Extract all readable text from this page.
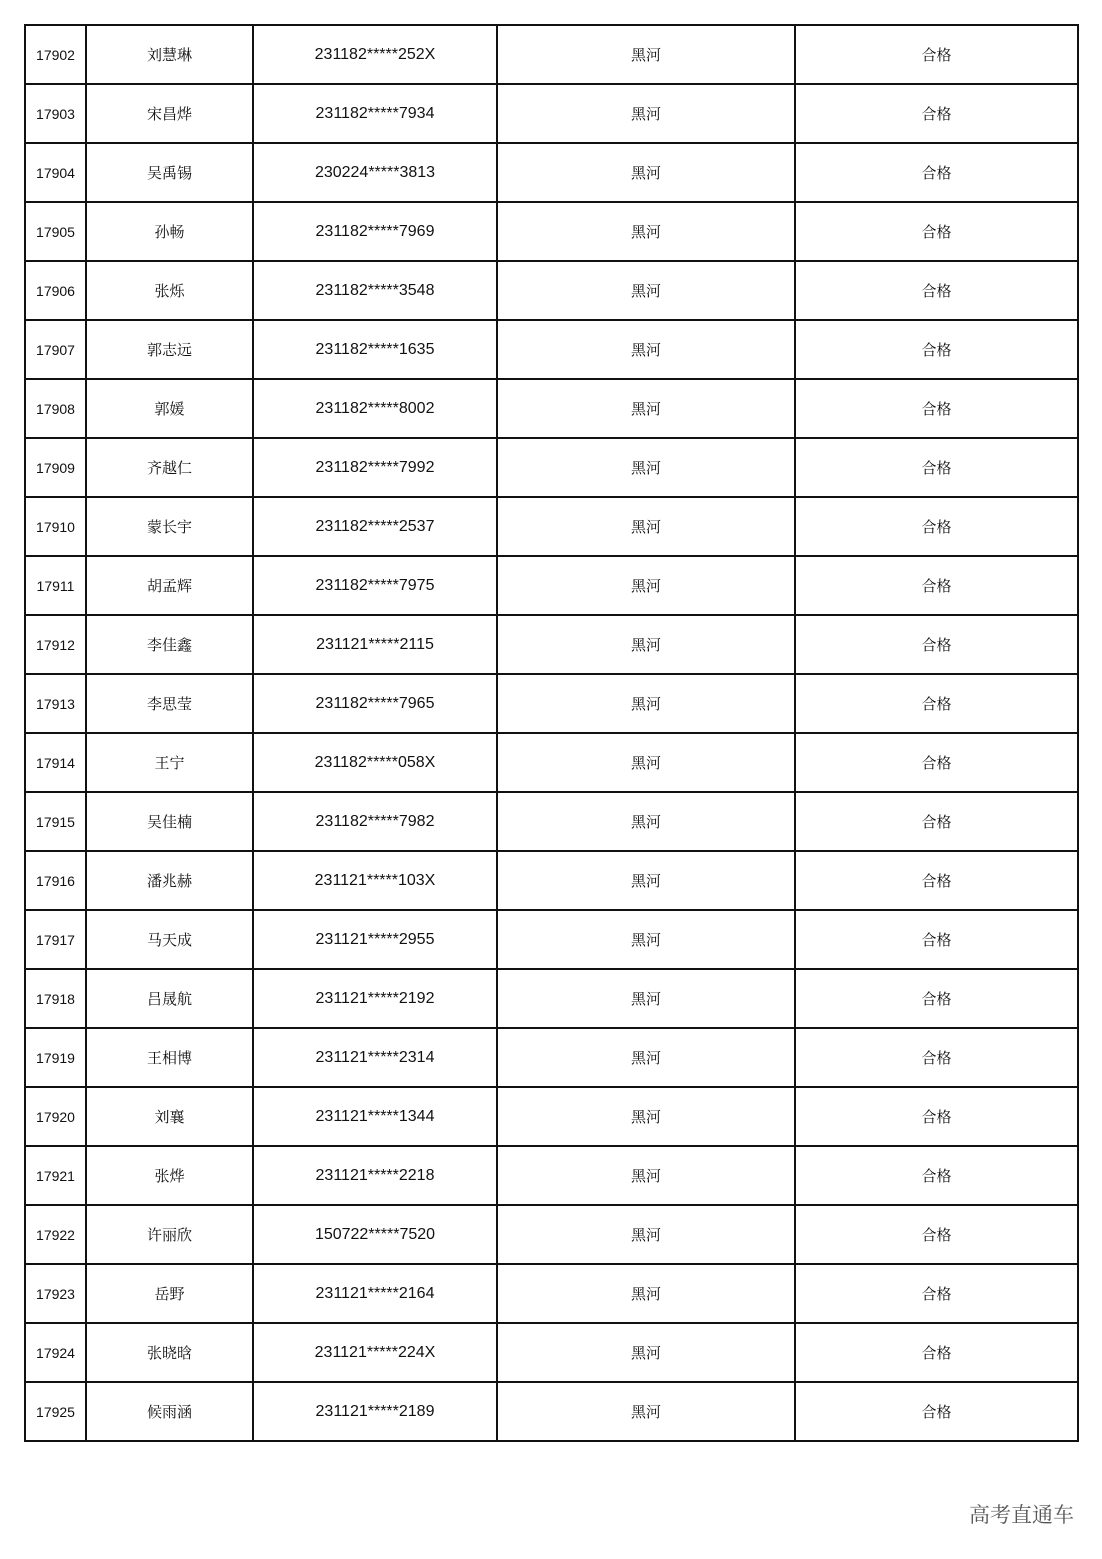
17902	刘慧琳	231182*****252X	黑河	合格
17903	宋昌烨	231182*****7934	黑河	合格
17904	吴禹锡	230224*****3813	黑河	合格
17905	孙畅	231182*****7969	黑河	合格
17906	张烁	231182*****3548	黑河	合格
17907	郭志远	231182*****1635	黑河	合格
17908	郭媛	231182*****8002	黑河	合格
17909	齐越仁	231182*****7992	黑河	合格
17910	蒙长宇	231182*****2537	黑河	合格
17911	胡孟辉	231182*****7975	黑河	合格
17912	李佳鑫	231121*****2115	黑河	合格
17913	李思莹	231182*****7965	黑河	合格
17914	王宁	231182*****058X	黑河	合格
17915	吴佳楠	231182*****7982	黑河	合格
17916	潘兆赫	231121*****103X	黑河	合格
17917	马天成	231121*****2955	黑河	合格
17918	吕晟航	231121*****2192	黑河	合格
17919	王相博	231121*****2314	黑河	合格
17920	刘襄	231121*****1344	黑河	合格
17921	张烨	231121*****2218	黑河	合格
17922	许丽欣	150722*****7520	黑河	合格
17923	岳野	231121*****2164	黑河	合格
17924	张晓晗	231121*****224X	黑河	合格
17925	候雨涵	231121*****2189	黑河	合格
高考直通车
